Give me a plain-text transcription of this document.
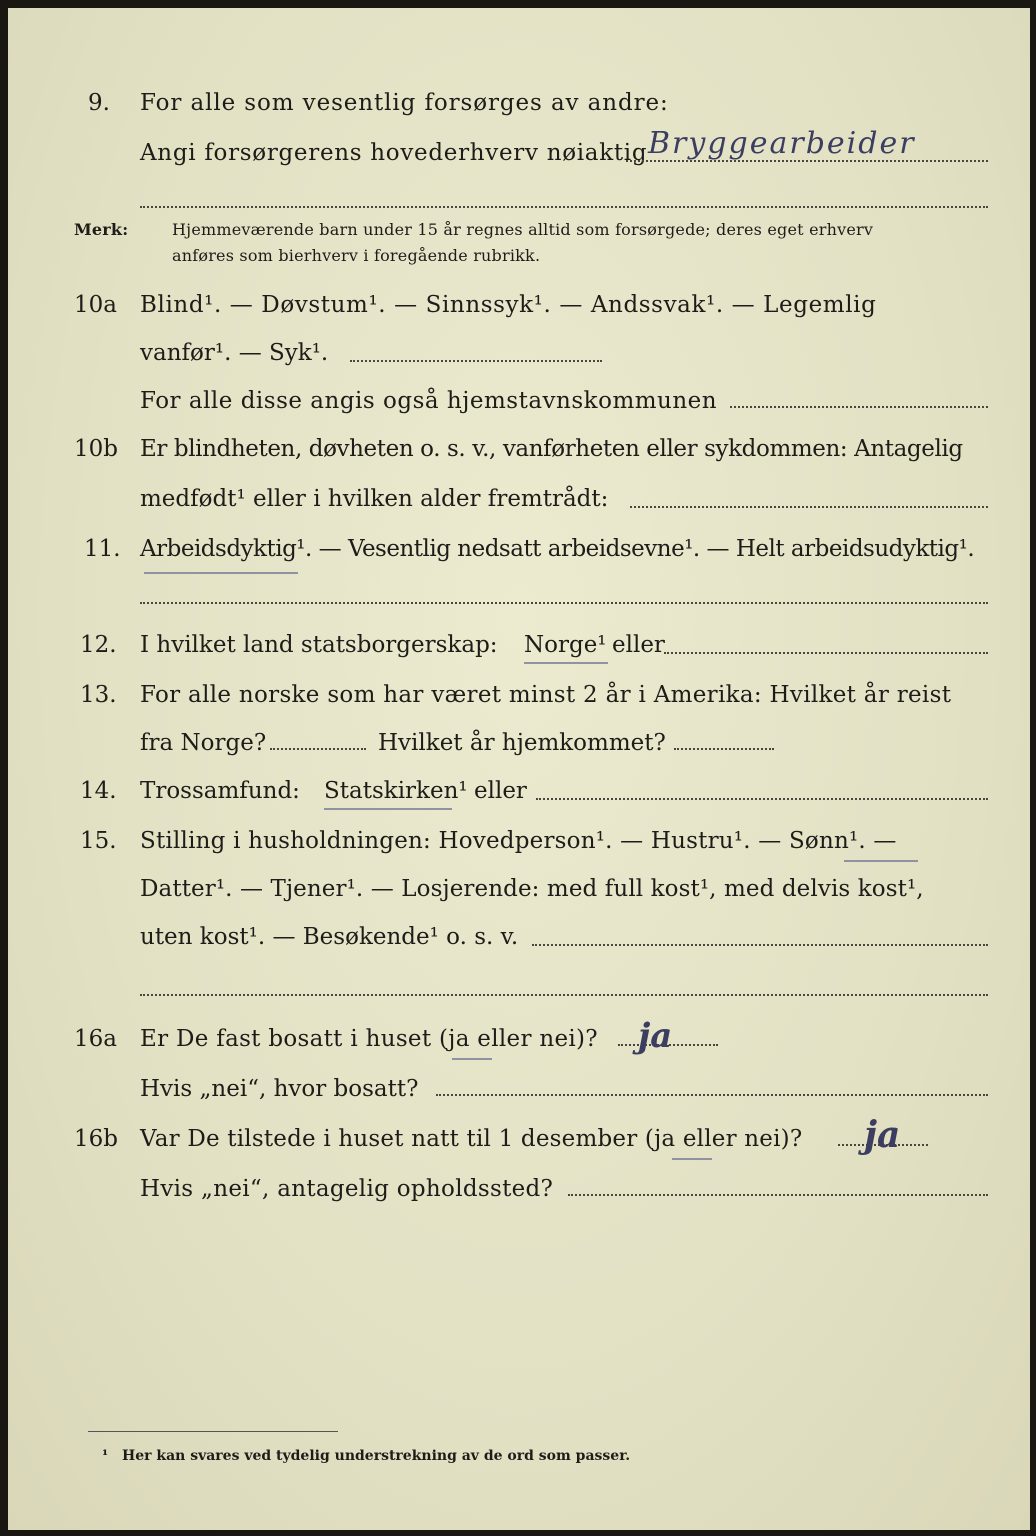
9. For alle som vesentlig forsørges av andre:
Angi forsørgerens hovederhverv nøiaktig Bryggearbeider
Merk:	Hjemmeværende barn under 15 år regnes alltid som forsørgede; deres eget erhverv
anføres som bierhverv i foregående rubrikk.
10a Blind¹. — Døvstum¹. — Sinnssyk¹. — Andssvak¹. — Legemlig
vanfør¹. — Syk¹.
For alle disse angis også hjemstavnskommunen
10b Er blindheten, døvheten o. s. v., vanførheten eller sykdommen: Antagelig
medfødt¹ eller i hvilken alder fremtrådt:
11. Arbeidsdyktig¹. — Vesentlig nedsatt arbeidsevne¹. — Helt arbeidsudyktig¹.
12. I hvilket land statsborgerskap: Norge¹ eller
13. For alle norske som har været minst 2 år i Amerika: Hvilket år reist
fra Norge?	Hvilket år hjemkommet?
14. Trossamfund: Statskirken¹ eller
15. Stilling i husholdningen: Hovedperson¹. — Hustru¹. — Sønn¹. —
Datter¹. — Tjener¹. — Losjerende: med full kost¹, med delvis kost¹,
uten kost¹. — Besøkende¹ o. s. v.
16a Er De fast bosatt i huset (ja eller nei)? ja
Hvis „nei“, hvor bosatt?
16b Var De tilstede i huset natt til 1 desember (ja eller nei)? ja
Hvis „nei“, antagelig opholdssted?
¹ Her kan svares ved tydelig understrekning av de ord som passer.
